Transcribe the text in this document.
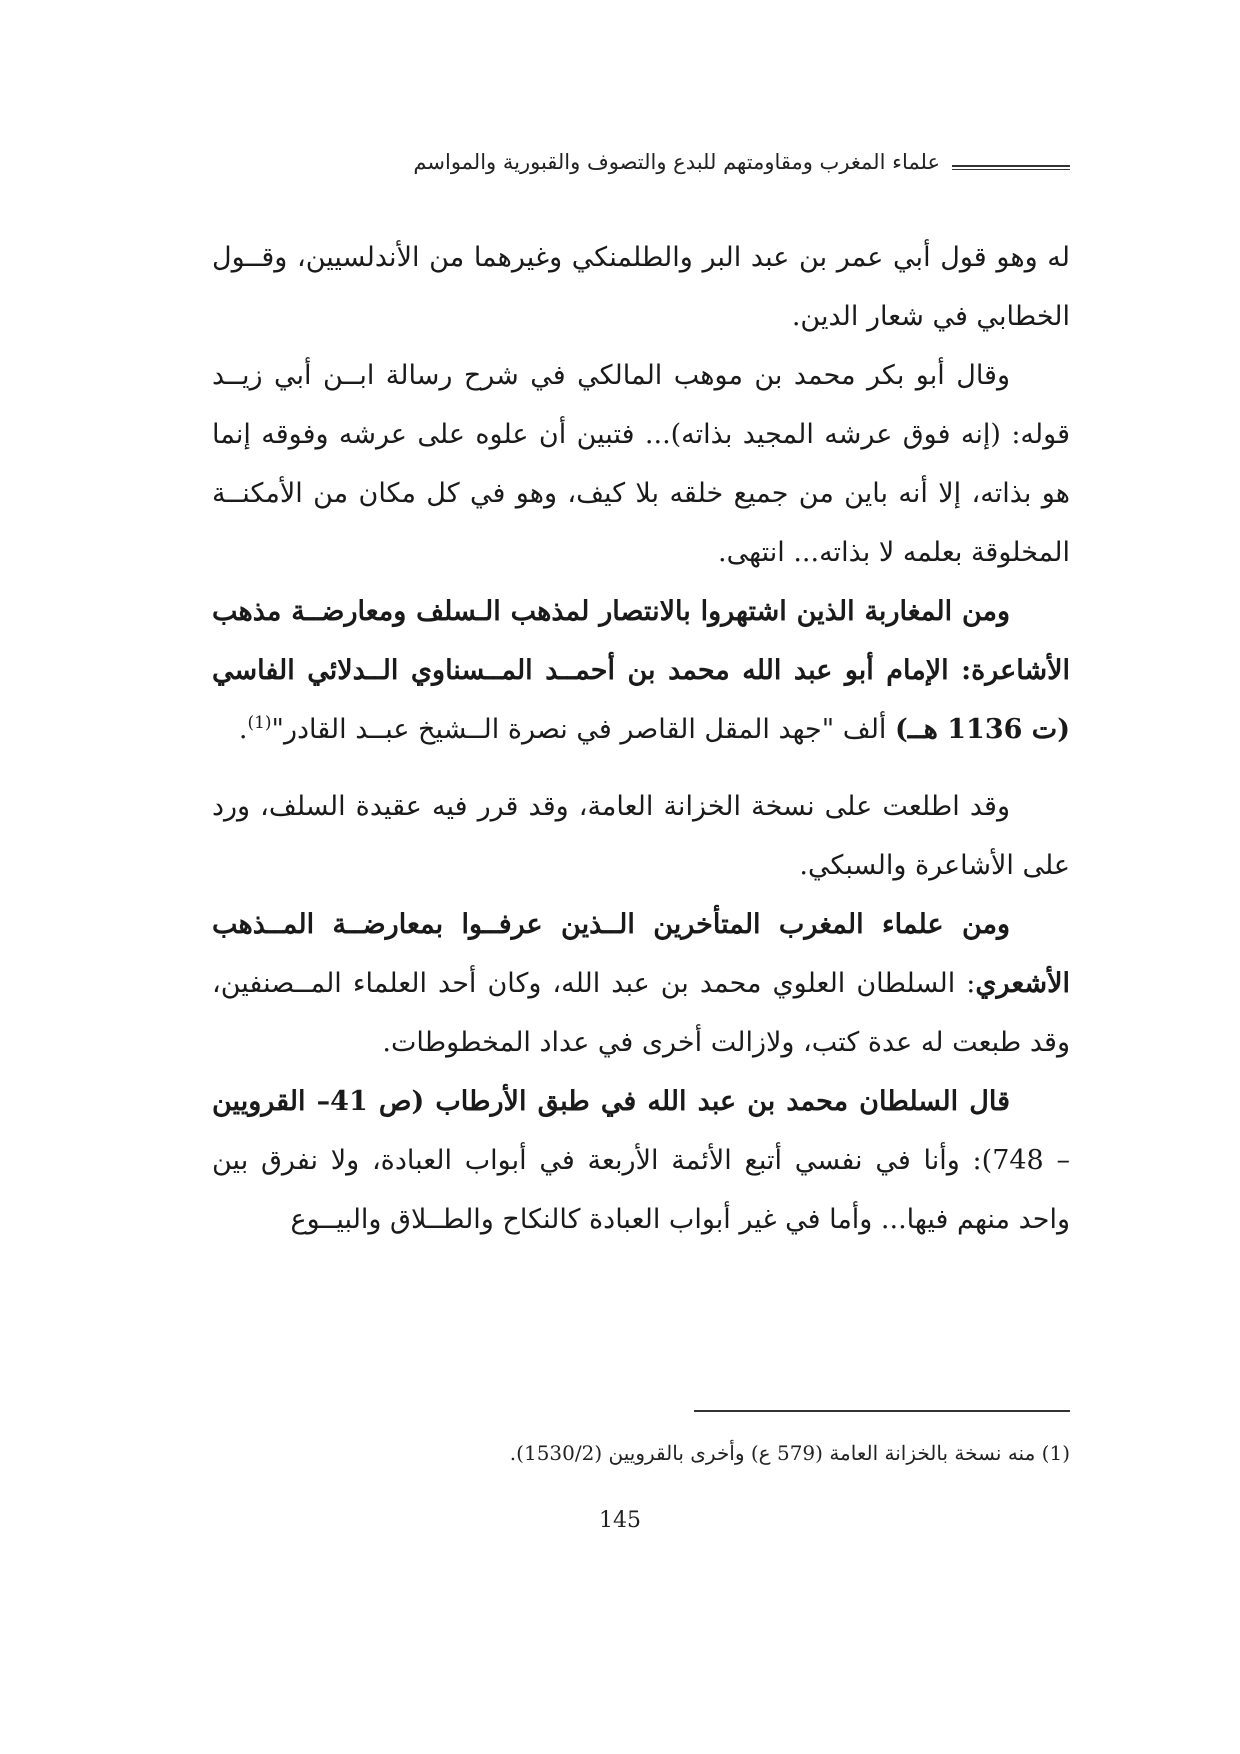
علماء المغرب ومقاومتهم للبدع والتصوف والقبورية والمواسم

له وهو قول أبي عمر بن عبد البر والطلمنكي وغيرهما من الأندلسيين، وقــول الخطابي في شعار الدين.

وقال أبو بكر محمد بن موهب المالكي في شرح رسالة ابــن أبي زيــد قوله: (إنه فوق عرشه المجيد بذاته)... فتبين أن علوه على عرشه وفوقه إنما هو بذاته، إلا أنه باين من جميع خلقه بلا كيف، وهو في كل مكان من الأمكنــة المخلوقة بعلمه لا بذاته... انتهى.

ومن المغاربة الذين اشتهروا بالانتصار لمذهب الـسلف ومعارضــة مذهب الأشاعرة: الإمام أبو عبد الله محمد بن أحمــد المــسناوي الــدلائي الفاسي (ت 1136 هــ) ألف "جهد المقل القاصر في نصرة الــشيخ عبــد القادر"$^{(1)}$.

وقد اطلعت على نسخة الخزانة العامة، وقد قرر فيه عقيدة السلف، ورد على الأشاعرة والسبكي.

ومن علماء المغرب المتأخرين الــذين عرفــوا بمعارضــة المــذهب الأشعري: السلطان العلوي محمد بن عبد الله، وكان أحد العلماء المــصنفين، وقد طبعت له عدة كتب، ولازالت أخرى في عداد المخطوطات.

قال السلطان محمد بن عبد الله في طبق الأرطاب (ص 41– القرويين – 748): وأنا في نفسي أتبع الأئمة الأربعة في أبواب العبادة، ولا نفرق بين واحد منهم فيها... وأما في غير أبواب العبادة كالنكاح والطــلاق والبيــوع

(1) منه نسخة بالخزانة العامة (579 ع) وأخرى بالقرويين (1530/2).
145
